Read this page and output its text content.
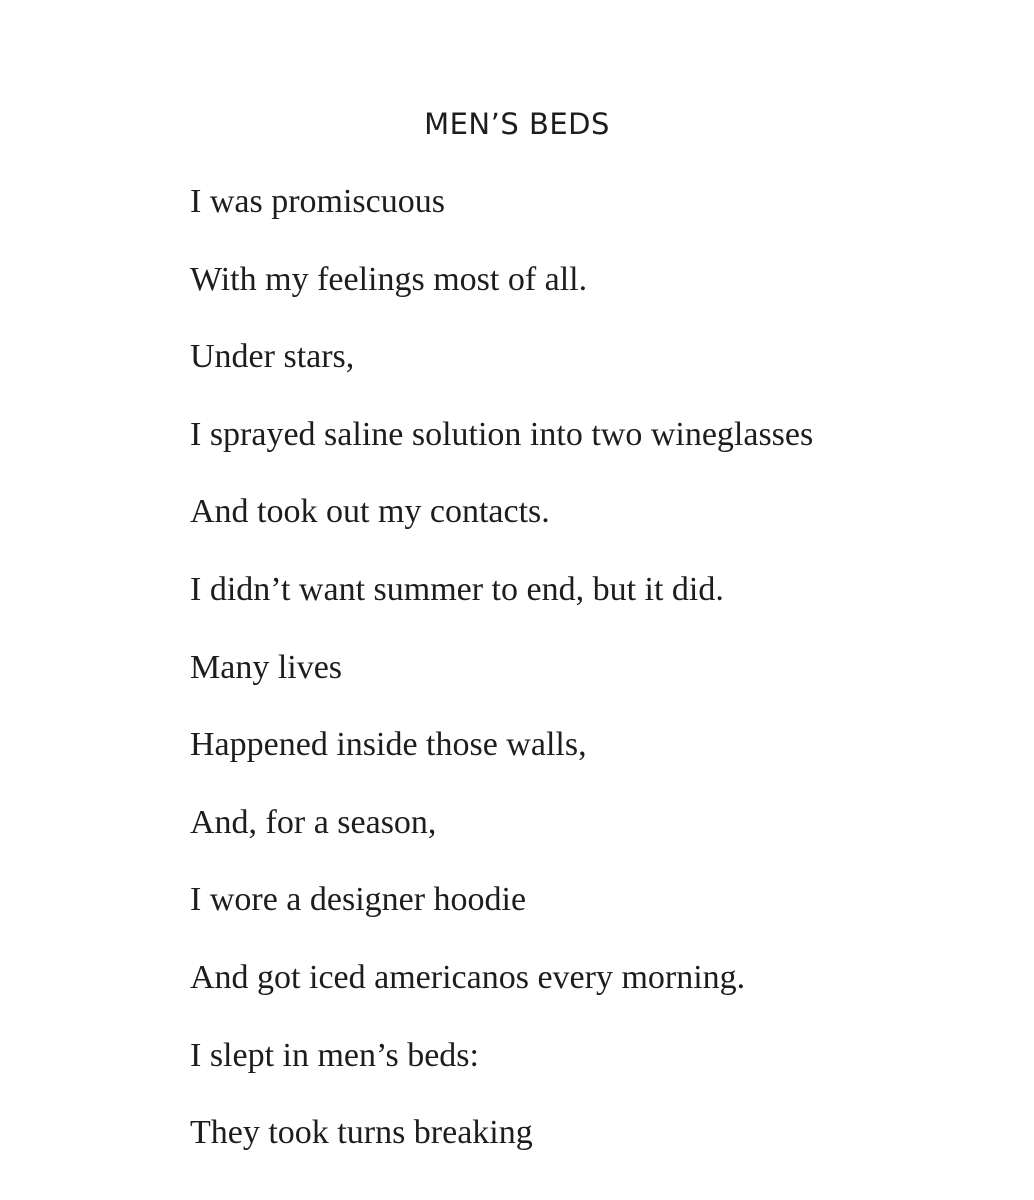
MEN’S BEDS
I was promiscuous
With my feelings most of all.
Under stars,
I sprayed saline solution into two wineglasses
And took out my contacts.
I didn’t want summer to end, but it did.
Many lives
Happened inside those walls,
And, for a season,
I wore a designer hoodie
And got iced americanos every morning.
I slept in men’s beds:
They took turns breaking
